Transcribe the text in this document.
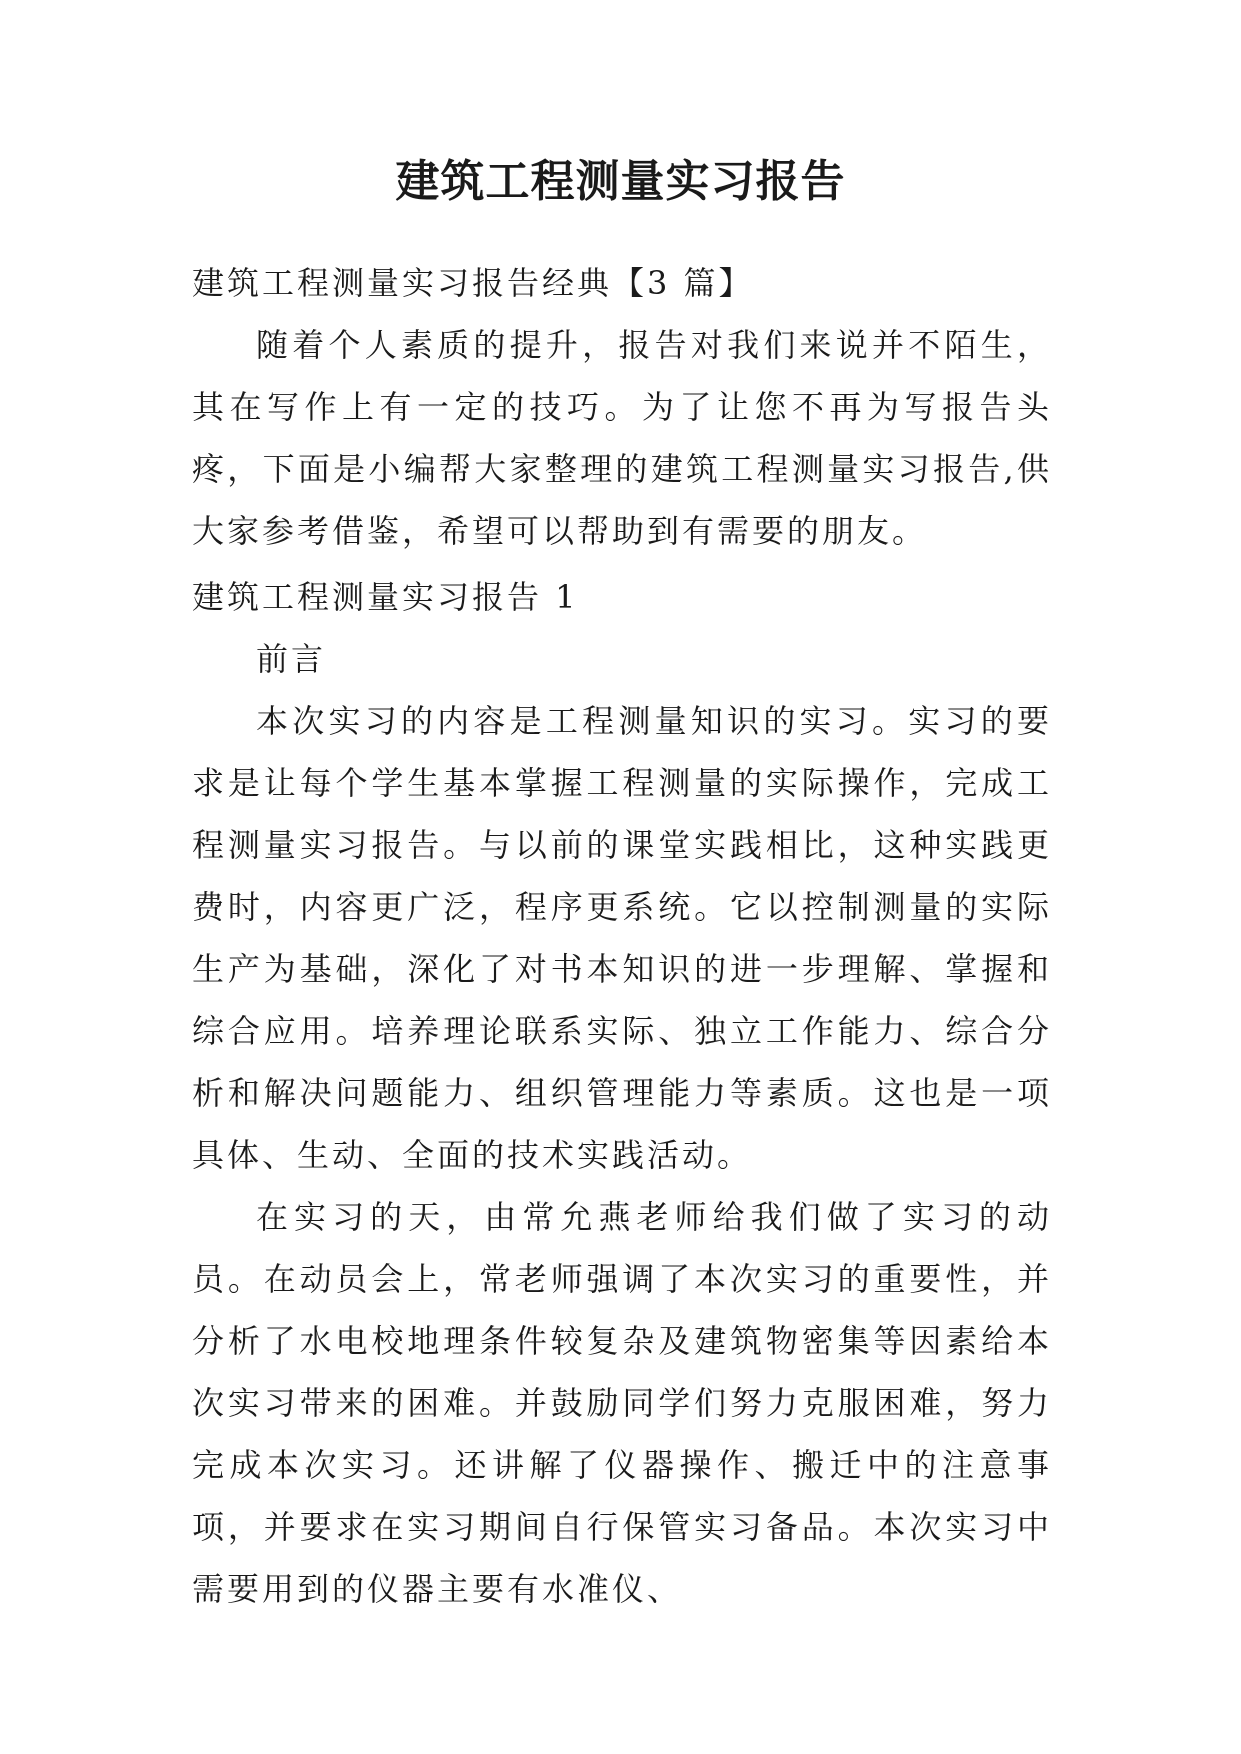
建筑工程测量实习报告

建筑工程测量实习报告经典【3 篇】

随着个人素质的提升，报告对我们来说并不陌生，其在写作上有一定的技巧。为了让您不再为写报告头疼，下面是小编帮大家整理的建筑工程测量实习报告,供大家参考借鉴，希望可以帮助到有需要的朋友。

建筑工程测量实习报告 1

前言

本次实习的内容是工程测量知识的实习。实习的要求是让每个学生基本掌握工程测量的实际操作，完成工程测量实习报告。与以前的课堂实践相比，这种实践更费时，内容更广泛，程序更系统。它以控制测量的实际生产为基础，深化了对书本知识的进一步理解、掌握和综合应用。培养理论联系实际、独立工作能力、综合分析和解决问题能力、组织管理能力等素质。这也是一项具体、生动、全面的技术实践活动。

在实习的天，由常允燕老师给我们做了实习的动员。在动员会上，常老师强调了本次实习的重要性，并分析了水电校地理条件较复杂及建筑物密集等因素给本次实习带来的困难。并鼓励同学们努力克服困难，努力完成本次实习。还讲解了仪器操作、搬迁中的注意事项，并要求在实习期间自行保管实习备品。本次实习中需要用到的仪器主要有水准仪、
